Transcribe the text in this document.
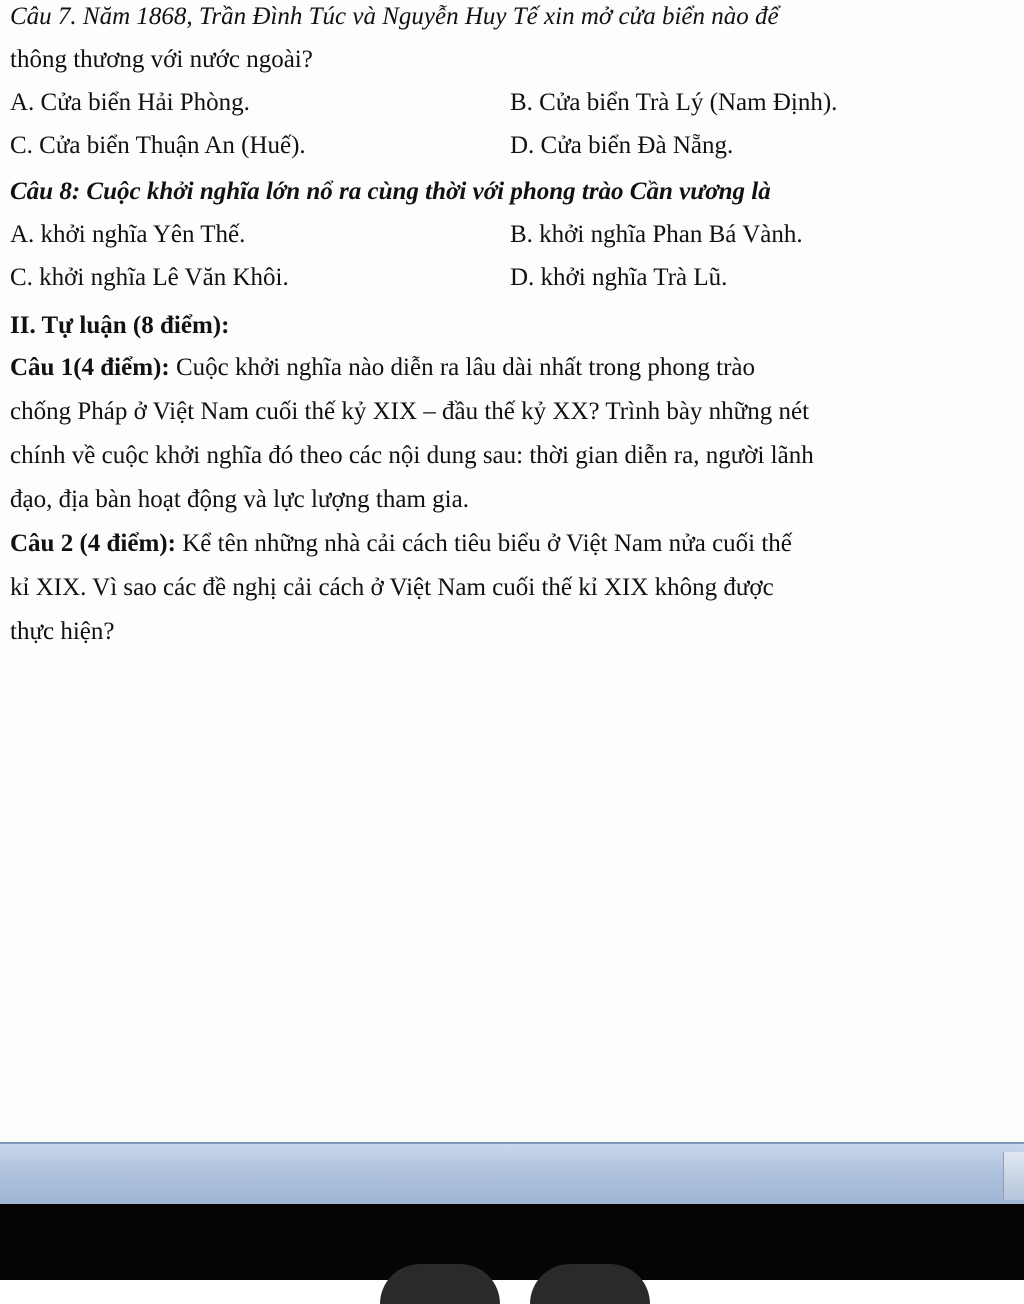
Câu 7. Năm 1868, Trần Đình Túc và Nguyễn Huy Tế xin mở cửa biển nào để
thông thương với nước ngoài?
A. Cửa biển Hải Phòng.	B. Cửa biển Trà Lý (Nam Định).
C. Cửa biển Thuận An (Huế).	D. Cửa biển Đà Nẵng.
Câu 8: Cuộc khởi nghĩa lớn nổ ra cùng thời với phong trào Cần vương là
A. khởi nghĩa Yên Thế.	B. khởi nghĩa Phan Bá Vành.
C. khởi nghĩa Lê Văn Khôi.	D. khởi nghĩa Trà Lũ.
II. Tự luận (8 điểm):
Câu 1(4 điểm): Cuộc khởi nghĩa nào diễn ra lâu dài nhất trong phong trào
chống Pháp ở Việt Nam cuối thế kỷ XIX – đầu thế kỷ XX? Trình bày những nét
chính về cuộc khởi nghĩa đó theo các nội dung sau: thời gian diễn ra, người lãnh
đạo, địa bàn hoạt động và lực lượng tham gia.
Câu 2 (4 điểm): Kể tên những nhà cải cách tiêu biểu ở Việt Nam nửa cuối thế
kỉ XIX. Vì sao các đề nghị cải cách ở Việt Nam cuối thế kỉ XIX không được
thực hiện?
